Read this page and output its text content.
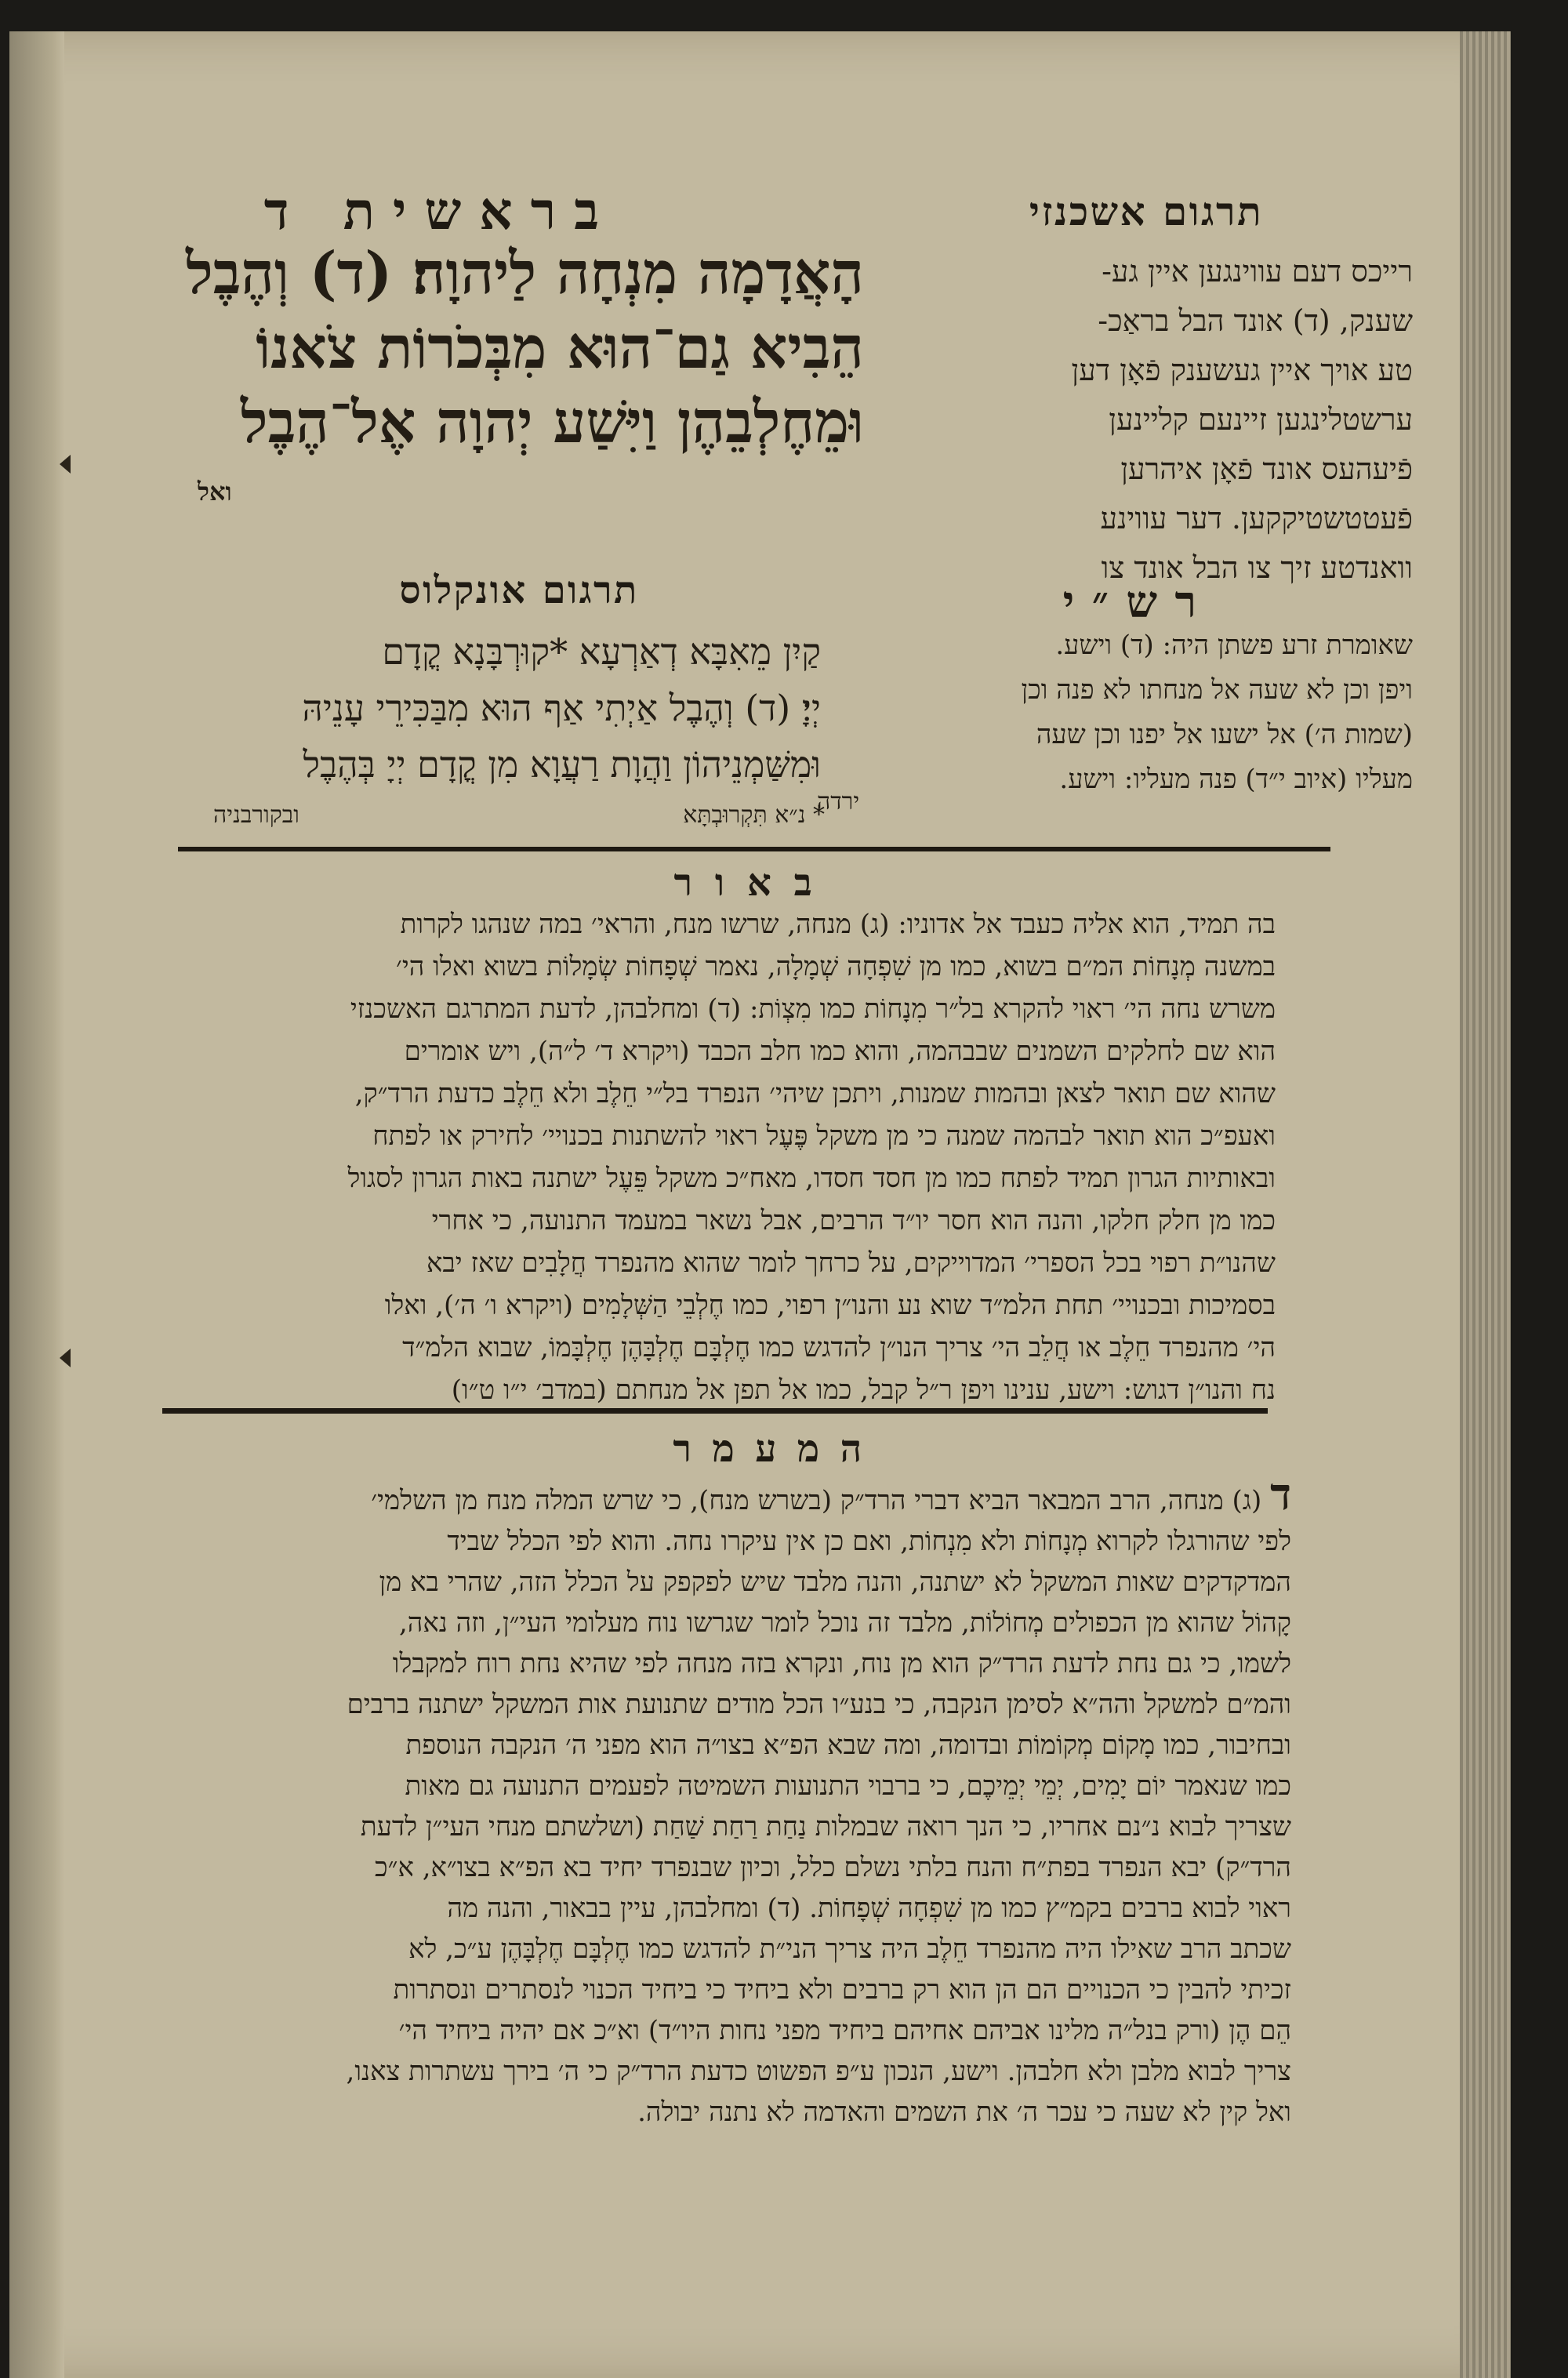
בראשית ד	תרגום אשכנזי
הָאֲדָמָה מִנְחָה לַיהוָה׃ (ד) וְהֶבֶל
הֵבִיא גַם־הוּא מִבְּכֹרוֹת צֹאנוֹ
וּמֵחֶלְבֵהֶן וַיִּשַׁע יְהוָה אֶל־הֶבֶל
ואל
רייכס דעם עווינגען איין גע-
שענק, (ד) אונד הבל בראַכ-
טע אויך איין געשענק פֿאָן דען
ערשטלינגען זיינעם קליינען
פֿיעהעס אונד פֿאָן איהרען
פֿעטטשטיקקען. דער עווינע
וואנדטע זיך צו הבל אונד צו
תרגום אונקלוס
קַיִן מֵאִבָּא דְאַרְעָא *קוּרְבָּנָא קֳדָם
יְיָ׃ (ד) וְהֶבֶל אַיְתִי אַף הוּא מִבַּכִּירֵי עָנֵיהּ
וּמִשַּׁמְנֵיהוֹן וַהֲוָת רַעֲוָא מִן קֳדָם יְיָ בְּהֶבֶל
* נ״א תִּקְרוּבְתָּא
ובקורבניה
רש״י
שאומרת זרע פשתן היה: (ד) וישע.
ויפן וכן לא שעה אל מנחתו לא פנה וכן
(שמות ה׳) אל ישעו אל יפנו וכן שעה
מעליו (איוב י״ד) פנה מעליו: וישע.
ירדה
באור
בה תמיד, הוא אליה כעבד אל אדוניו: (ג) מנחה, שרשו מנח, והראי׳ במה שנהגו לקרות
במשנה מְנָחוֹת המ״ם בשוא, כמו מן שִׁפְחָה שְׁמָלָה, נאמר שְׁפָחוֹת שְׂמָלוֹת בשוא ואלו הי׳
משרש נחה הי׳ ראוי להקרא בל״ר מִנָחוֹת כמו מִצְוֹת: (ד) ומחלבהן, לדעת המתרגם האשכנזי
הוא שם לחלקים השמנים שבבהמה, והוא כמו חלב הכבד (ויקרא ד׳ ל״ה), ויש אומרים
שהוא שם תואר לצאן ובהמות שמנות, ויתכן שיהי׳ הנפרד בל״י חֵלֶב ולא חֵלֶב כדעת הרד״ק,
ואעפ״כ הוא תואר לבהמה שמנה כי מן משקל פֶּעֶל ראוי להשתנות בכנויי׳ לחירק או לפתח
ובאותיות הגרון תמיד לפתח כמו מן חסד חסדו, מאח״כ משקל פֵּעֶל ישתנה באות הגרון לסגול
כמו מן חלק חלקו, והנה הוא חסר יו״ד הרבים, אבל נשאר במעמד התנועה, כי אחרי
שהנו״ת רפוי בכל הספרי׳ המדוייקים, על כרחך לומר שהוא מהנפרד חֲלָבִים שאז יבא
בסמיכות ובכנויי׳ תחת הלמ״ד שוא נע והנו״ן רפוי, כמו חֶלְבֵי הַשְּׁלָמִים (ויקרא ו׳ ה׳), ואלו
הי׳ מהנפרד חֵלֶב או חֲלֵב הי׳ צריך הנו״ן להדגש כמו חֶלְבָּם חֶלְבָּהֶן חֶלְבָּמוֹ, שבוא הלמ״ד
נח והנו״ן דגוש: וישע, ענינו ויפן ר״ל קבל, כמו אל תפן אל מנחתם (במדב׳ י״ו ט״ו)
המעמר
ד (ג) מנחה, הרב המבאר הביא דברי הרד״ק (בשרש מנח), כי שרש המלה מנח מן השלמי׳
לפי שהורגלו לקרוא מְנָחוֹת ולא מִנְחוֹת, ואם כן אין עיקרו נחה. והוא לפי הכלל שביד
המדקדקים שאות המשקל לא ישתנה, והנה מלבד שיש לפקפק על הכלל הזה, שהרי בא מן
קָהוֹל שהוא מן הכפולים מְחוֹלוֹת, מלבד זה נוכל לומר שגרשו נוח מעלומי העי״ן, וזה נאה,
לשמו, כי גם נחת לדעת הרד״ק הוא מן נוח, ונקרא בזה מנחה לפי שהיא נחת רוח למקבלו
והמ״ם למשקל והה״א לסימן הנקבה, כי בנע״ו הכל מודים שתנועת אות המשקל ישתנה ברבים
ובחיבור, כמו מָקוֹם מְקוֹמוֹת ובדומה, ומה שבא הפ״א בצו״ה הוא מפני ה׳ הנקבה הנוספת
כמו שנאמר יוֹם יָמִים, יְמֵי יְמֵיכֶם, כי ברבוי התנועות השמיטה לפעמים התנועה גם מאות
שצריך לבוא נ״נם אחריו, כי הנך רואה שבמלות נַחַת רַחַת שַׁחַת (ושלשתם מנחי העי״ן לדעת
הרד״ק) יבא הנפרד בפת״ח והנח בלתי נשלם כלל, וכיון שבנפרד יחיד בא הפ״א בצו״א, א״כ
ראוי לבוא ברבים בקמ״ץ כמו מן שִׁפְחָה שְׁפָחוֹת. (ד) ומחלבהן, עיין בבאור, והנה מה
שכתב הרב שאילו היה מהנפרד חֵלֶב היה צריך הני״ת להדגש כמו חֶלְבָּם חֶלְבָּהֶן ע״כ, לא
זכיתי להבין כי הכנויים הם הן הוא רק ברבים ולא ביחיד כי ביחיד הכנוי לנסתרים ונסתרות
הֵם הֶן (ורק בנל״ה מלינו אביהם אחיהם ביחיד מפני נחות היו״ד) וא״כ אם יהיה ביחיד הי׳
צריך לבוא מלבן ולא חלבהן. וישע, הנכון ע״פ הפשוט כדעת הרד״ק כי ה׳ בירך עשתרות צאנו,
ואל קין לא שעה כי עכר ה׳ את השמים והאדמה לא נתנה יבולה.
